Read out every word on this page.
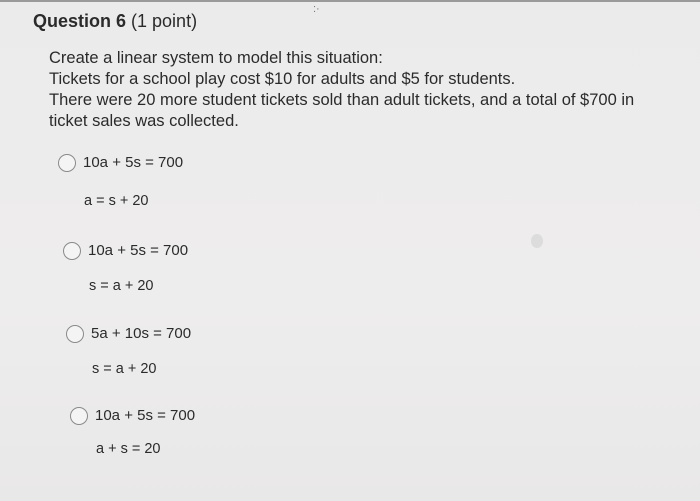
:·
Question 6 (1 point)
Create a linear system to model this situation:
Tickets for a school play cost $10 for adults and $5 for students.
There were 20 more student tickets sold than adult tickets, and a total of $700 in
ticket sales was collected.
10a + 5s = 700
a = s + 20
10a + 5s = 700
s = a + 20
5a + 10s = 700
s = a + 20
10a + 5s = 700
a + s = 20
